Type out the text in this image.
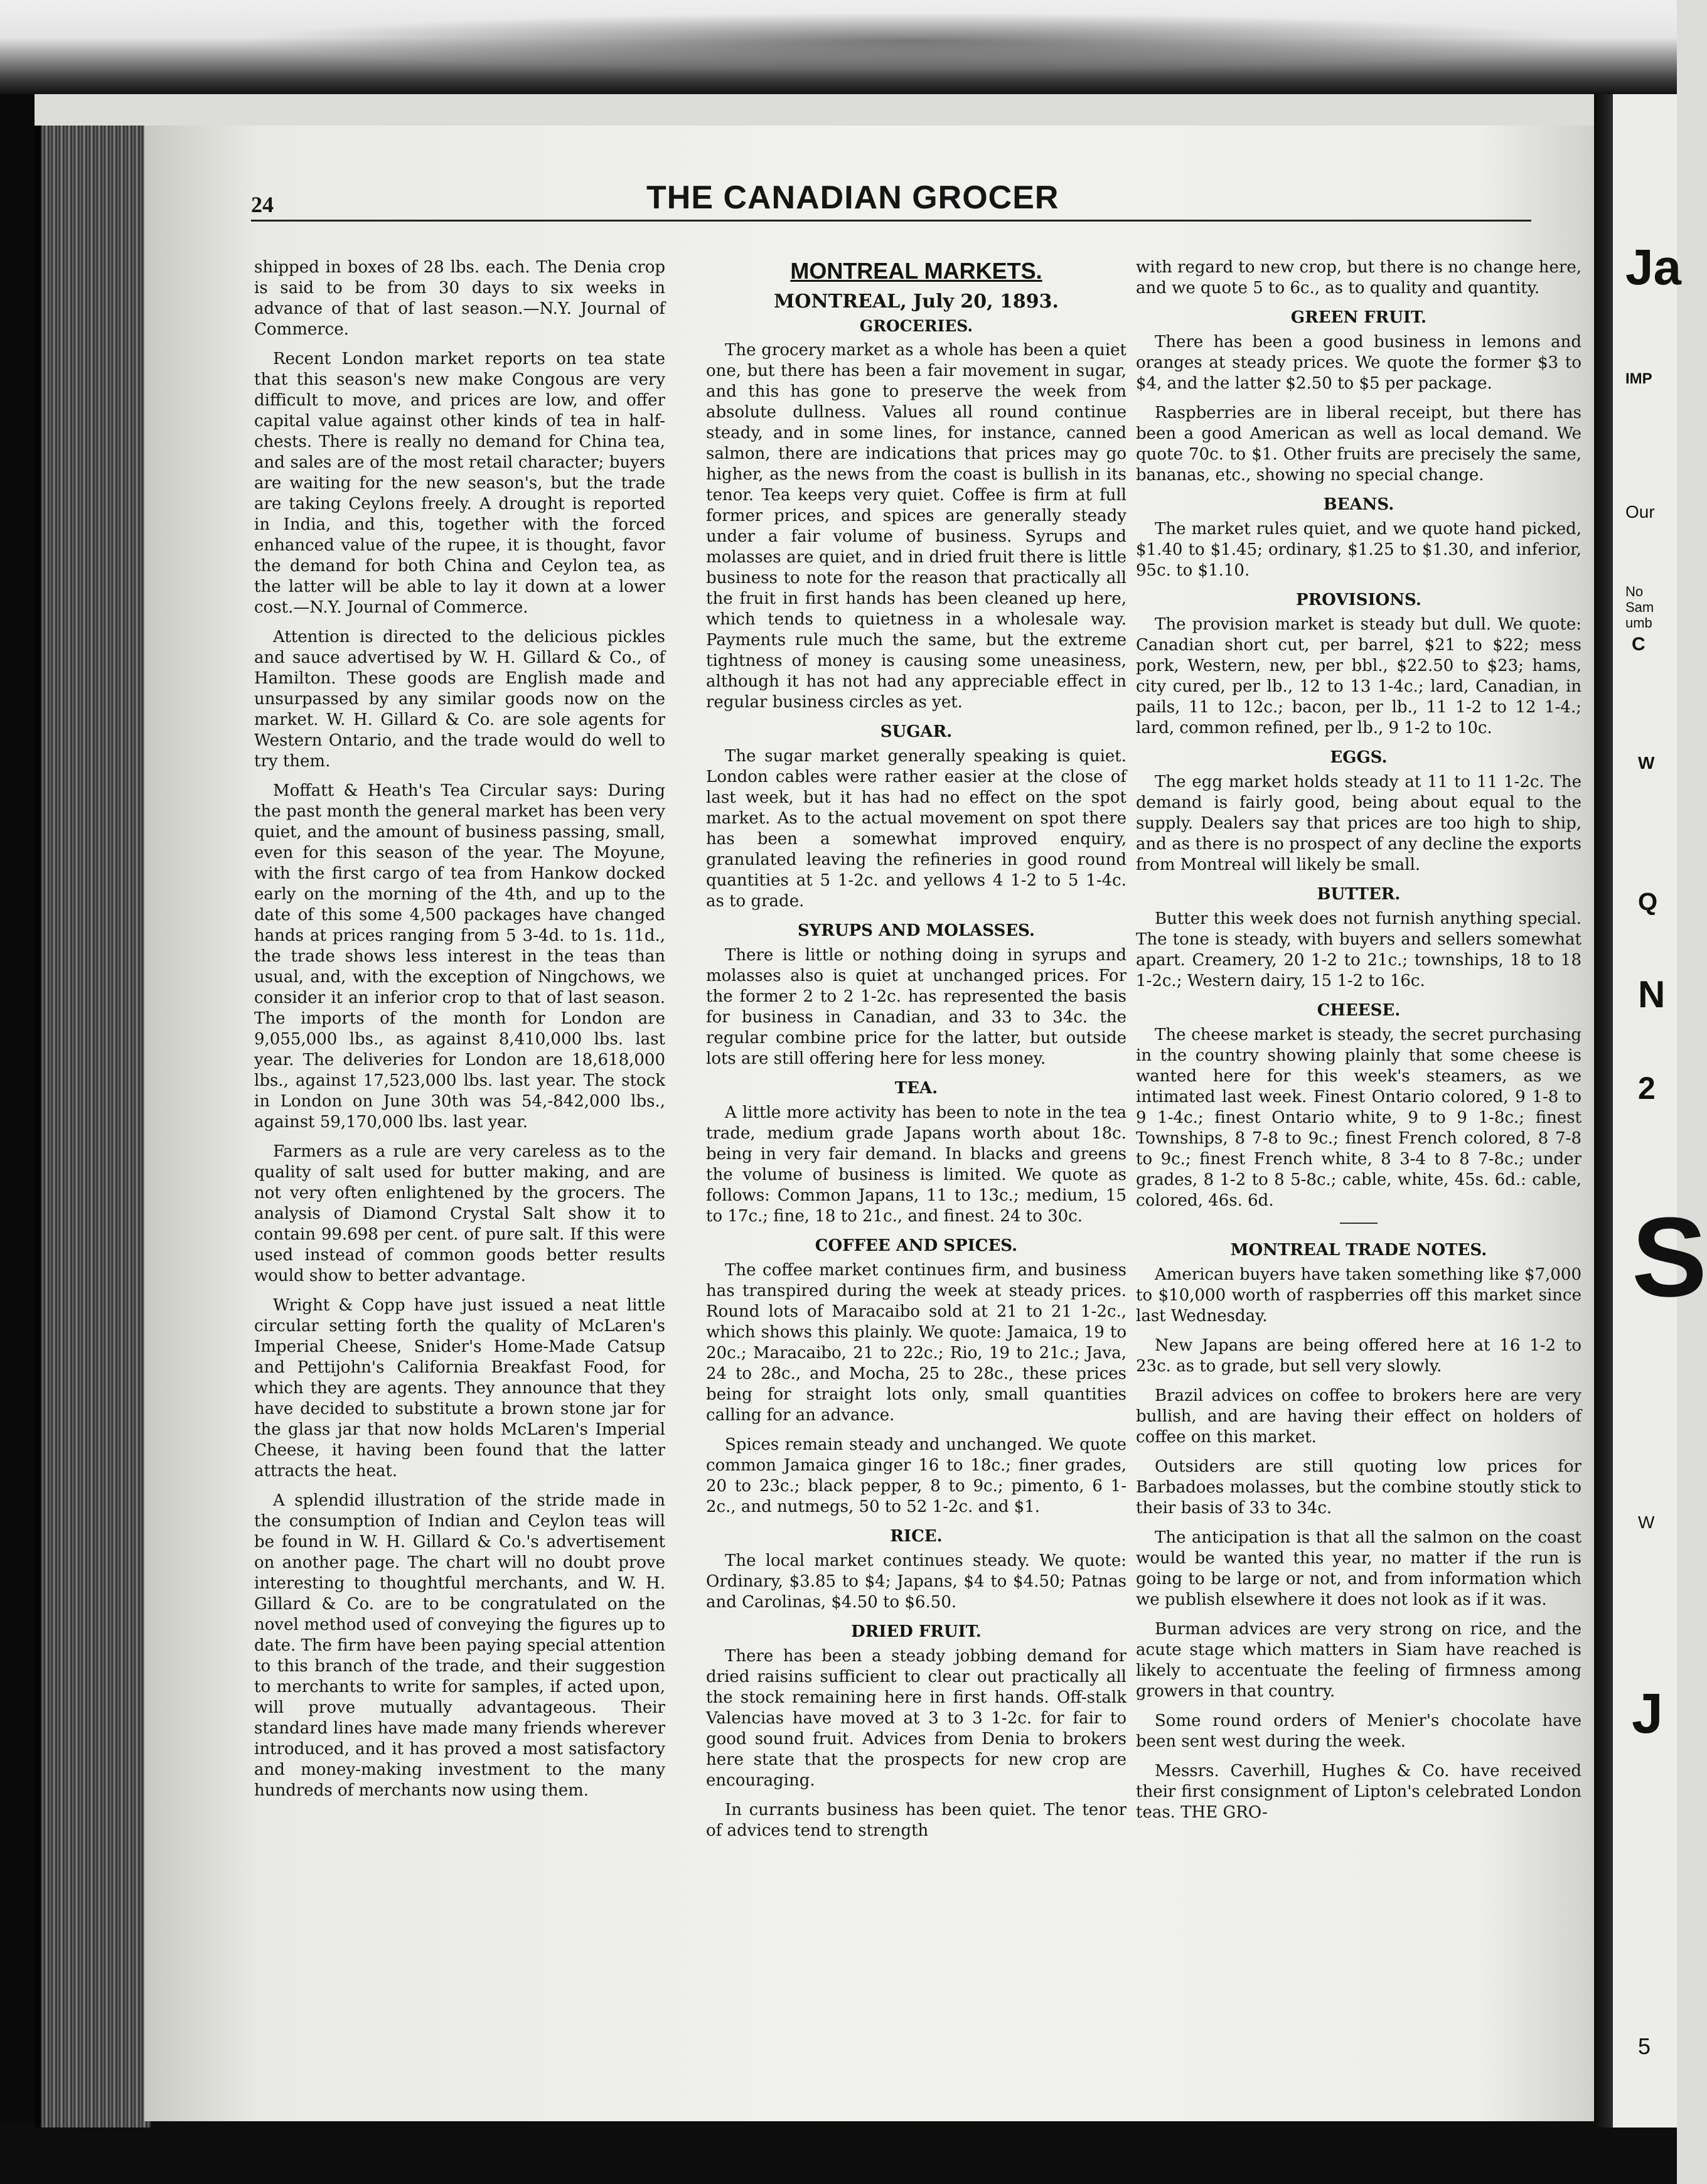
Ja
IMP
Our
No
Sam
umb
C
W
Q
N
2
S
W
J
5
24	THE CANADIAN GROCER

shipped in boxes of 28 lbs. each. The Denia crop is said to be from 30 days to six weeks in advance of that of last season.—N.Y. Journal of Commerce.

Recent London market reports on tea state that this season's new make Congous are very difficult to move, and prices are low, and offer capital value against other kinds of tea in half-chests. There is really no demand for China tea, and sales are of the most retail character; buyers are waiting for the new season's, but the trade are taking Ceylons freely. A drought is reported in India, and this, together with the forced enhanced value of the rupee, it is thought, favor the demand for both China and Ceylon tea, as the latter will be able to lay it down at a lower cost.—N.Y. Journal of Commerce.

Attention is directed to the delicious pickles and sauce advertised by W. H. Gillard & Co., of Hamilton. These goods are English made and unsurpassed by any similar goods now on the market. W. H. Gillard & Co. are sole agents for Western Ontario, and the trade would do well to try them.

Moffatt & Heath's Tea Circular says: During the past month the general market has been very quiet, and the amount of business passing, small, even for this season of the year. The Moyune, with the first cargo of tea from Hankow docked early on the morning of the 4th, and up to the date of this some 4,500 packages have changed hands at prices ranging from 5 3-4d. to 1s. 11d., the trade shows less interest in the teas than usual, and, with the exception of Ningchows, we consider it an inferior crop to that of last season. The imports of the month for London are 9,055,000 lbs., as against 8,410,000 lbs. last year. The deliveries for London are 18,618,000 lbs., against 17,523,000 lbs. last year. The stock in London on June 30th was 54,-842,000 lbs., against 59,170,000 lbs. last year.

Farmers as a rule are very careless as to the quality of salt used for butter making, and are not very often enlightened by the grocers. The analysis of Diamond Crystal Salt show it to contain 99.698 per cent. of pure salt. If this were used instead of common goods better results would show to better advantage.

Wright & Copp have just issued a neat little circular setting forth the quality of McLaren's Imperial Cheese, Snider's Home-Made Catsup and Pettijohn's California Breakfast Food, for which they are agents. They announce that they have decided to substitute a brown stone jar for the glass jar that now holds McLaren's Imperial Cheese, it having been found that the latter attracts the heat.

A splendid illustration of the stride made in the consumption of Indian and Ceylon teas will be found in W. H. Gillard & Co.'s advertisement on another page. The chart will no doubt prove interesting to thoughtful merchants, and W. H. Gillard & Co. are to be congratulated on the novel method used of conveying the figures up to date. The firm have been paying special attention to this branch of the trade, and their suggestion to merchants to write for samples, if acted upon, will prove mutually advantageous. Their standard lines have made many friends wherever introduced, and it has proved a most satisfactory and money-making investment to the many hundreds of merchants now using them.

MONTREAL MARKETS.
MONTREAL, July 20, 1893.
GROCERIES.

The grocery market as a whole has been a quiet one, but there has been a fair movement in sugar, and this has gone to preserve the week from absolute dullness. Values all round continue steady, and in some lines, for instance, canned salmon, there are indications that prices may go higher, as the news from the coast is bullish in its tenor. Tea keeps very quiet. Coffee is firm at full former prices, and spices are generally steady under a fair volume of business. Syrups and molasses are quiet, and in dried fruit there is little business to note for the reason that practically all the fruit in first hands has been cleaned up here, which tends to quietness in a wholesale way. Payments rule much the same, but the extreme tightness of money is causing some uneasiness, although it has not had any appreciable effect in regular business circles as yet.

SUGAR.

The sugar market generally speaking is quiet. London cables were rather easier at the close of last week, but it has had no effect on the spot market. As to the actual movement on spot there has been a somewhat improved enquiry, granulated leaving the refineries in good round quantities at 5 1-2c. and yellows 4 1-2 to 5 1-4c. as to grade.

SYRUPS AND MOLASSES.

There is little or nothing doing in syrups and molasses also is quiet at unchanged prices. For the former 2 to 2 1-2c. has represented the basis for business in Canadian, and 33 to 34c. the regular combine price for the latter, but outside lots are still offering here for less money.

TEA.

A little more activity has been to note in the tea trade, medium grade Japans worth about 18c. being in very fair demand. In blacks and greens the volume of business is limited. We quote as follows: Common Japans, 11 to 13c.; medium, 15 to 17c.; fine, 18 to 21c., and finest. 24 to 30c.

COFFEE AND SPICES.

The coffee market continues firm, and business has transpired during the week at steady prices. Round lots of Maracaibo sold at 21 to 21 1-2c., which shows this plainly. We quote: Jamaica, 19 to 20c.; Maracaibo, 21 to 22c.; Rio, 19 to 21c.; Java, 24 to 28c., and Mocha, 25 to 28c., these prices being for straight lots only, small quantities calling for an advance.

Spices remain steady and unchanged. We quote common Jamaica ginger 16 to 18c.; finer grades, 20 to 23c.; black pepper, 8 to 9c.; pimento, 6 1-2c., and nutmegs, 50 to 52 1-2c. and $1.

RICE.

The local market continues steady. We quote: Ordinary, $3.85 to $4; Japans, $4 to $4.50; Patnas and Carolinas, $4.50 to $6.50.

DRIED FRUIT.

There has been a steady jobbing demand for dried raisins sufficient to clear out practically all the stock remaining here in first hands. Off-stalk Valencias have moved at 3 to 3 1-2c. for fair to good sound fruit. Advices from Denia to brokers here state that the prospects for new crop are encouraging.

In currants business has been quiet. The tenor of advices tend to strength

with regard to new crop, but there is no change here, and we quote 5 to 6c., as to quality and quantity.

GREEN FRUIT.

There has been a good business in lemons and oranges at steady prices. We quote the former $3 to $4, and the latter $2.50 to $5 per package.

Raspberries are in liberal receipt, but there has been a good American as well as local demand. We quote 70c. to $1. Other fruits are precisely the same, bananas, etc., showing no special change.

BEANS.

The market rules quiet, and we quote hand picked, $1.40 to $1.45; ordinary, $1.25 to $1.30, and inferior, 95c. to $1.10.

PROVISIONS.

The provision market is steady but dull. We quote: Canadian short cut, per barrel, $21 to $22; mess pork, Western, new, per bbl., $22.50 to $23; hams, city cured, per lb., 12 to 13 1-4c.; lard, Canadian, in pails, 11 to 12c.; bacon, per lb., 11 1-2 to 12 1-4.; lard, common refined, per lb., 9 1-2 to 10c.

EGGS.

The egg market holds steady at 11 to 11 1-2c. The demand is fairly good, being about equal to the supply. Dealers say that prices are too high to ship, and as there is no prospect of any decline the exports from Montreal will likely be small.

BUTTER.

Butter this week does not furnish anything special. The tone is steady, with buyers and sellers somewhat apart. Creamery, 20 1-2 to 21c.; townships, 18 to 18 1-2c.; Western dairy, 15 1-2 to 16c.

CHEESE.

The cheese market is steady, the secret purchasing in the country showing plainly that some cheese is wanted here for this week's steamers, as we intimated last week. Finest Ontario colored, 9 1-8 to 9 1-4c.; finest Ontario white, 9 to 9 1-8c.; finest Townships, 8 7-8 to 9c.; finest French colored, 8 7-8 to 9c.; finest French white, 8 3-4 to 8 7-8c.; under grades, 8 1-2 to 8 5-8c.; cable, white, 45s. 6d.: cable, colored, 46s. 6d.

MONTREAL TRADE NOTES.

American buyers have taken something like $7,000 to $10,000 worth of raspberries off this market since last Wednesday.

New Japans are being offered here at 16 1-2 to 23c. as to grade, but sell very slowly.

Brazil advices on coffee to brokers here are very bullish, and are having their effect on holders of coffee on this market.

Outsiders are still quoting low prices for Barbadoes molasses, but the combine stoutly stick to their basis of 33 to 34c.

The anticipation is that all the salmon on the coast would be wanted this year, no matter if the run is going to be large or not, and from information which we publish elsewhere it does not look as if it was.

Burman advices are very strong on rice, and the acute stage which matters in Siam have reached is likely to accentuate the feeling of firmness among growers in that country.

Some round orders of Menier's chocolate have been sent west during the week.

Messrs. Caverhill, Hughes & Co. have received their first consignment of Lipton's celebrated London teas. THE GRO-
